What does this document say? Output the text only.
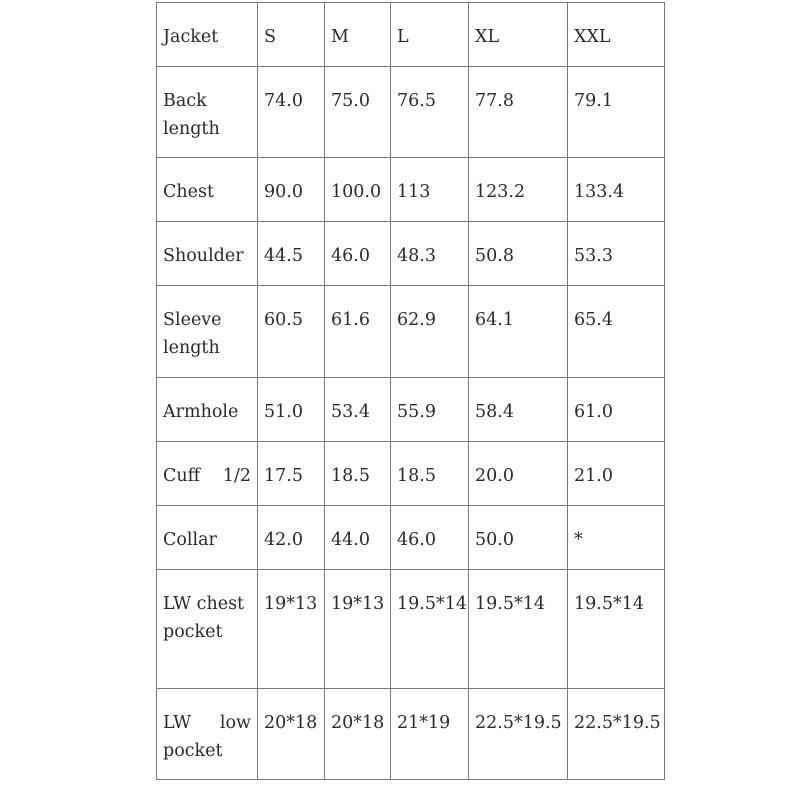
Jacket	S	M	L	XL	XXL
Back length	74.0	75.0	76.5	77.8	79.1
Chest	90.0	100.0	113	123.2	133.4
Shoulder	44.5	46.0	48.3	50.8	53.3
Sleeve length	60.5	61.6	62.9	64.1	65.4
Armhole	51.0	53.4	55.9	58.4	61.0
Cuff 1/2	17.5	18.5	18.5	20.0	21.0
Collar	42.0	44.0	46.0	50.0	*
LW chest pocket	19*13	19*13	19.5*14	19.5*14	19.5*14
LW low pocket	20*18	20*18	21*19	22.5*19.5	22.5*19.5
